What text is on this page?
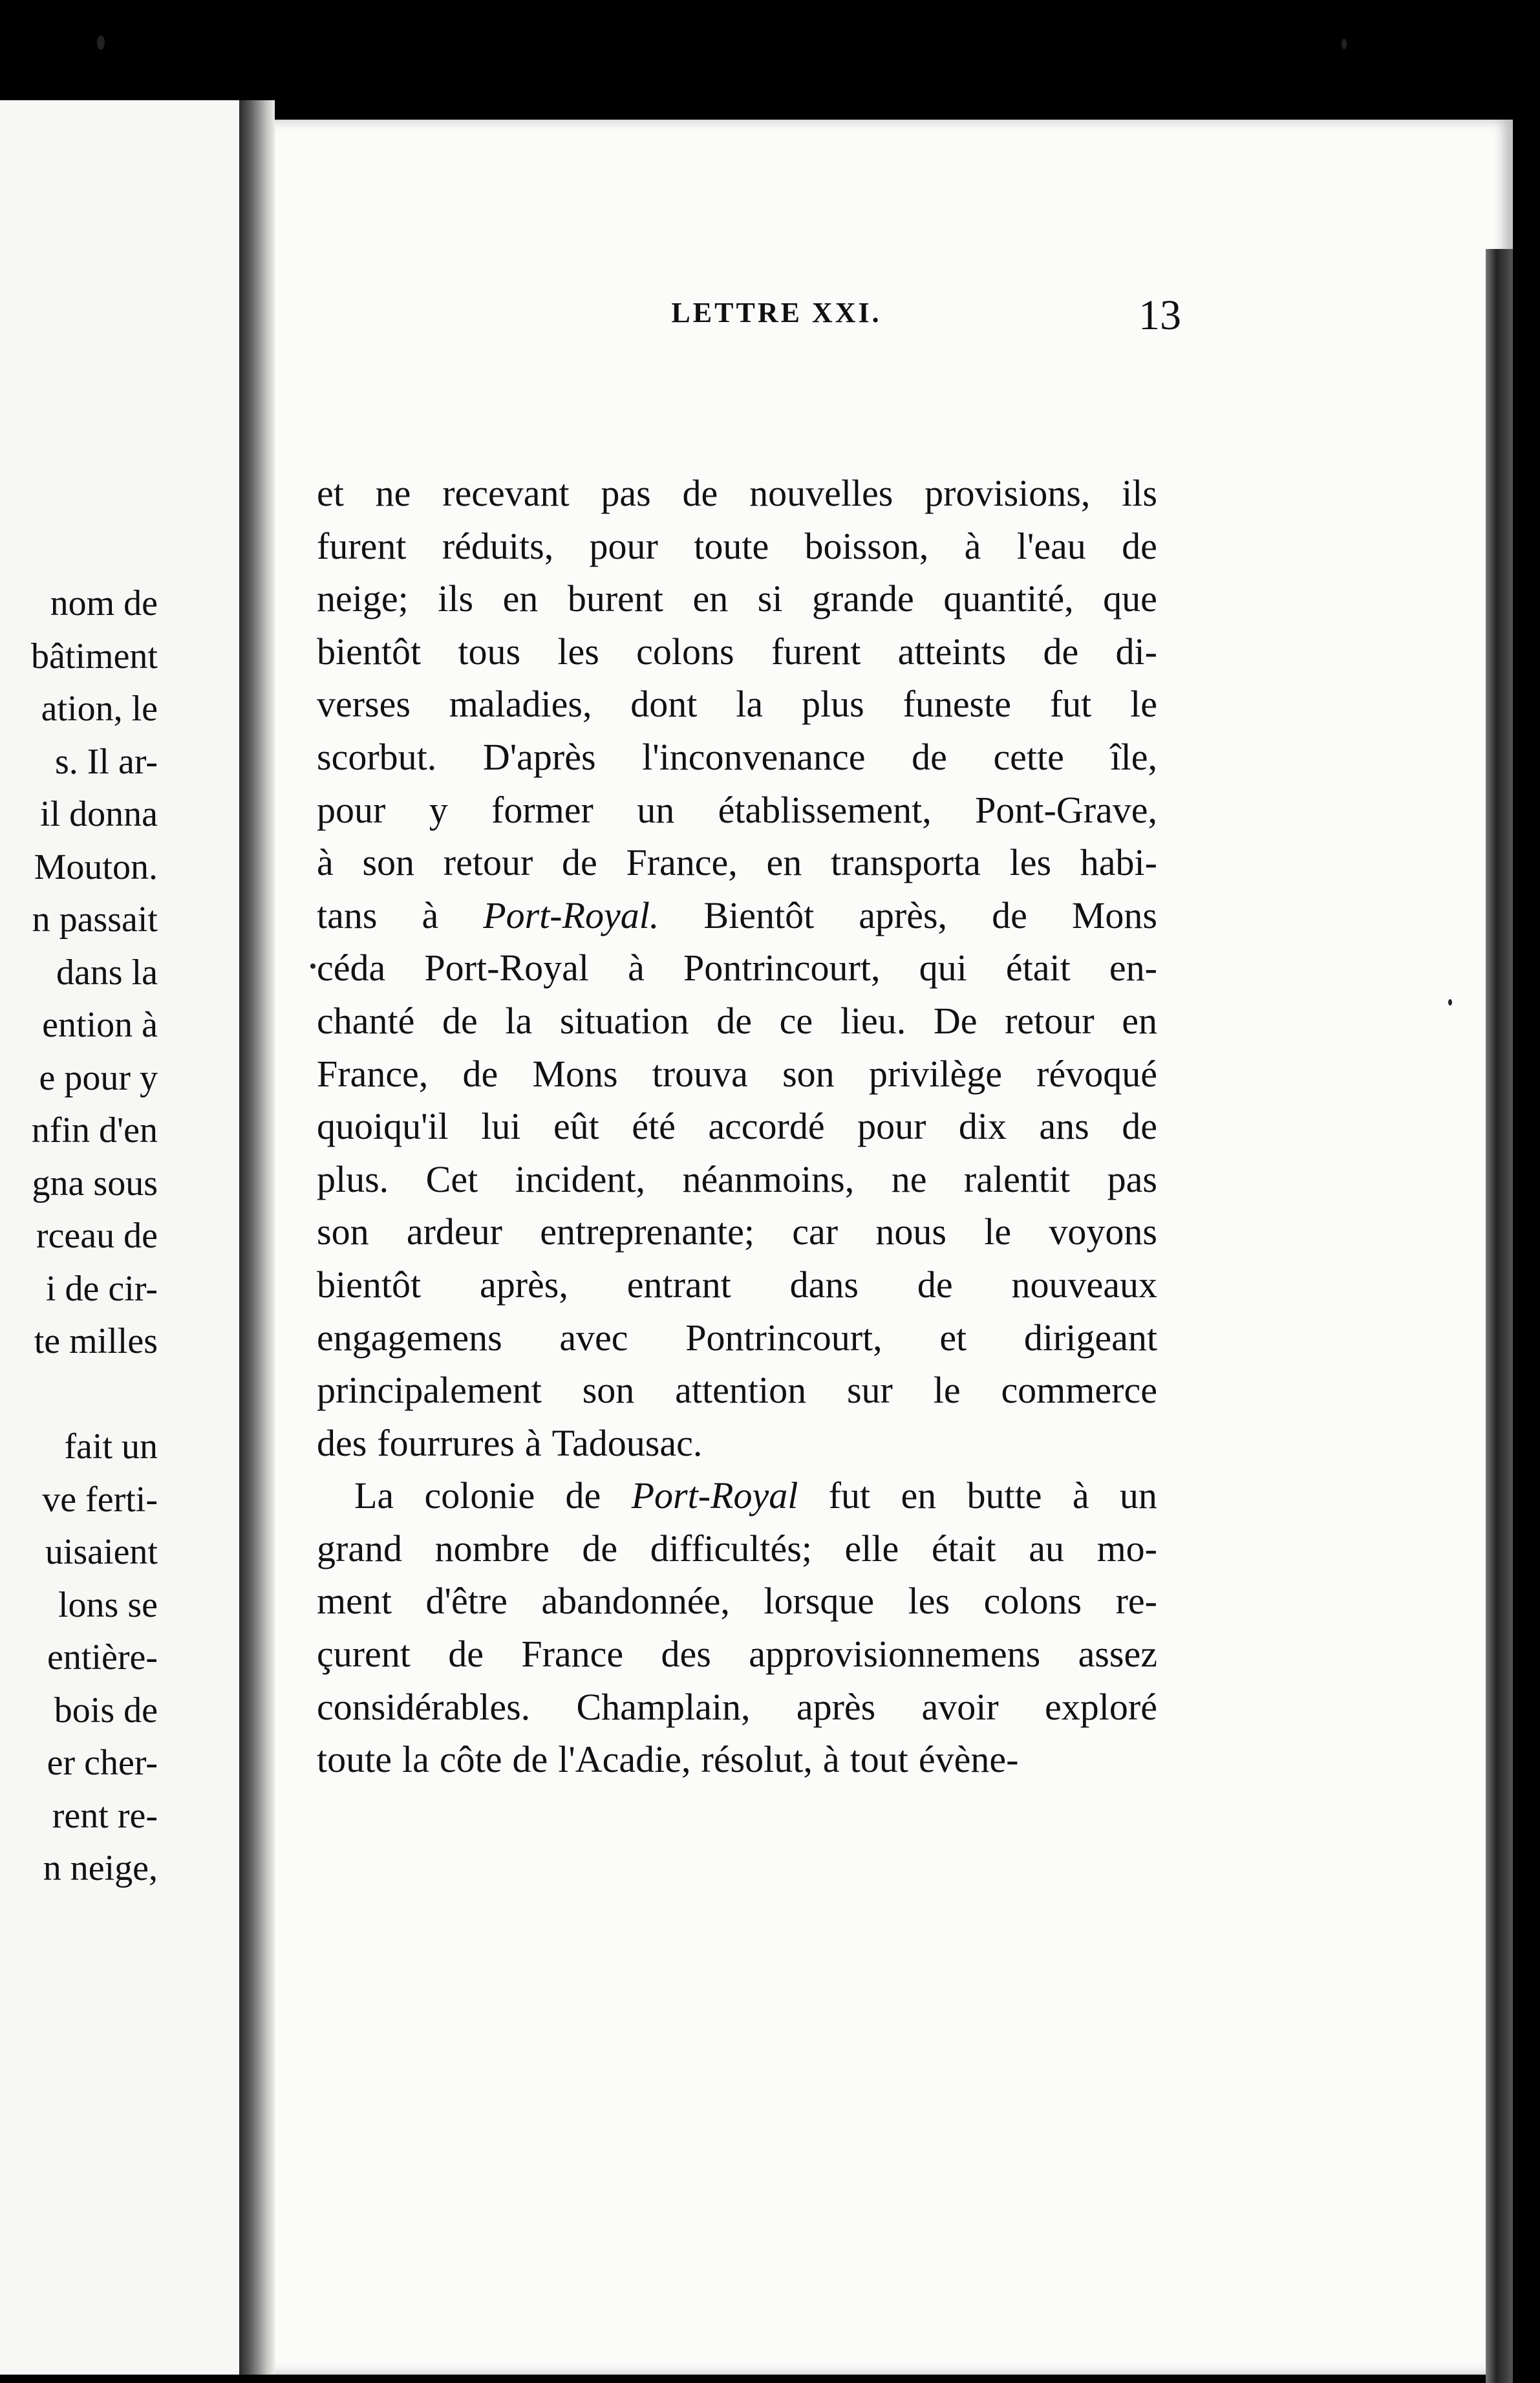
nom de
bâtiment
ation, le
s. Il ar-
il donna
Mouton.
n passait
dans la
ention à
e pour y
nfin d'en
gna sous
rceau de
i de cir-
te milles
fait un
ve ferti-
uisaient
lons se
entière-
bois de
er cher-
rent re-
n neige,
LETTRE XXI.	13
et ne recevant pas de nouvelles provisions, ils
furent réduits, pour toute boisson, à l'eau de
neige; ils en burent en si grande quantité, que
bientôt tous les colons furent atteints de di-
verses maladies, dont la plus funeste fut le
scorbut. D'après l'inconvenance de cette île,
pour y former un établissement, Pont-Grave,
à son retour de France, en transporta les habi-
tans à Port-Royal. Bientôt après, de Mons
céda Port-Royal à Pontrincourt, qui était en-
chanté de la situation de ce lieu. De retour en
France, de Mons trouva son privilège révoqué
quoiqu'il lui eût été accordé pour dix ans de
plus. Cet incident, néanmoins, ne ralentit pas
son ardeur entreprenante; car nous le voyons
bientôt après, entrant dans de nouveaux
engagemens avec Pontrincourt, et dirigeant
principalement son attention sur le commerce
des fourrures à Tadousac.
La colonie de Port-Royal fut en butte à un
grand nombre de difficultés; elle était au mo-
ment d'être abandonnée, lorsque les colons re-
çurent de France des approvisionnemens assez
considérables. Champlain, après avoir exploré
toute la côte de l'Acadie, résolut, à tout évène-
